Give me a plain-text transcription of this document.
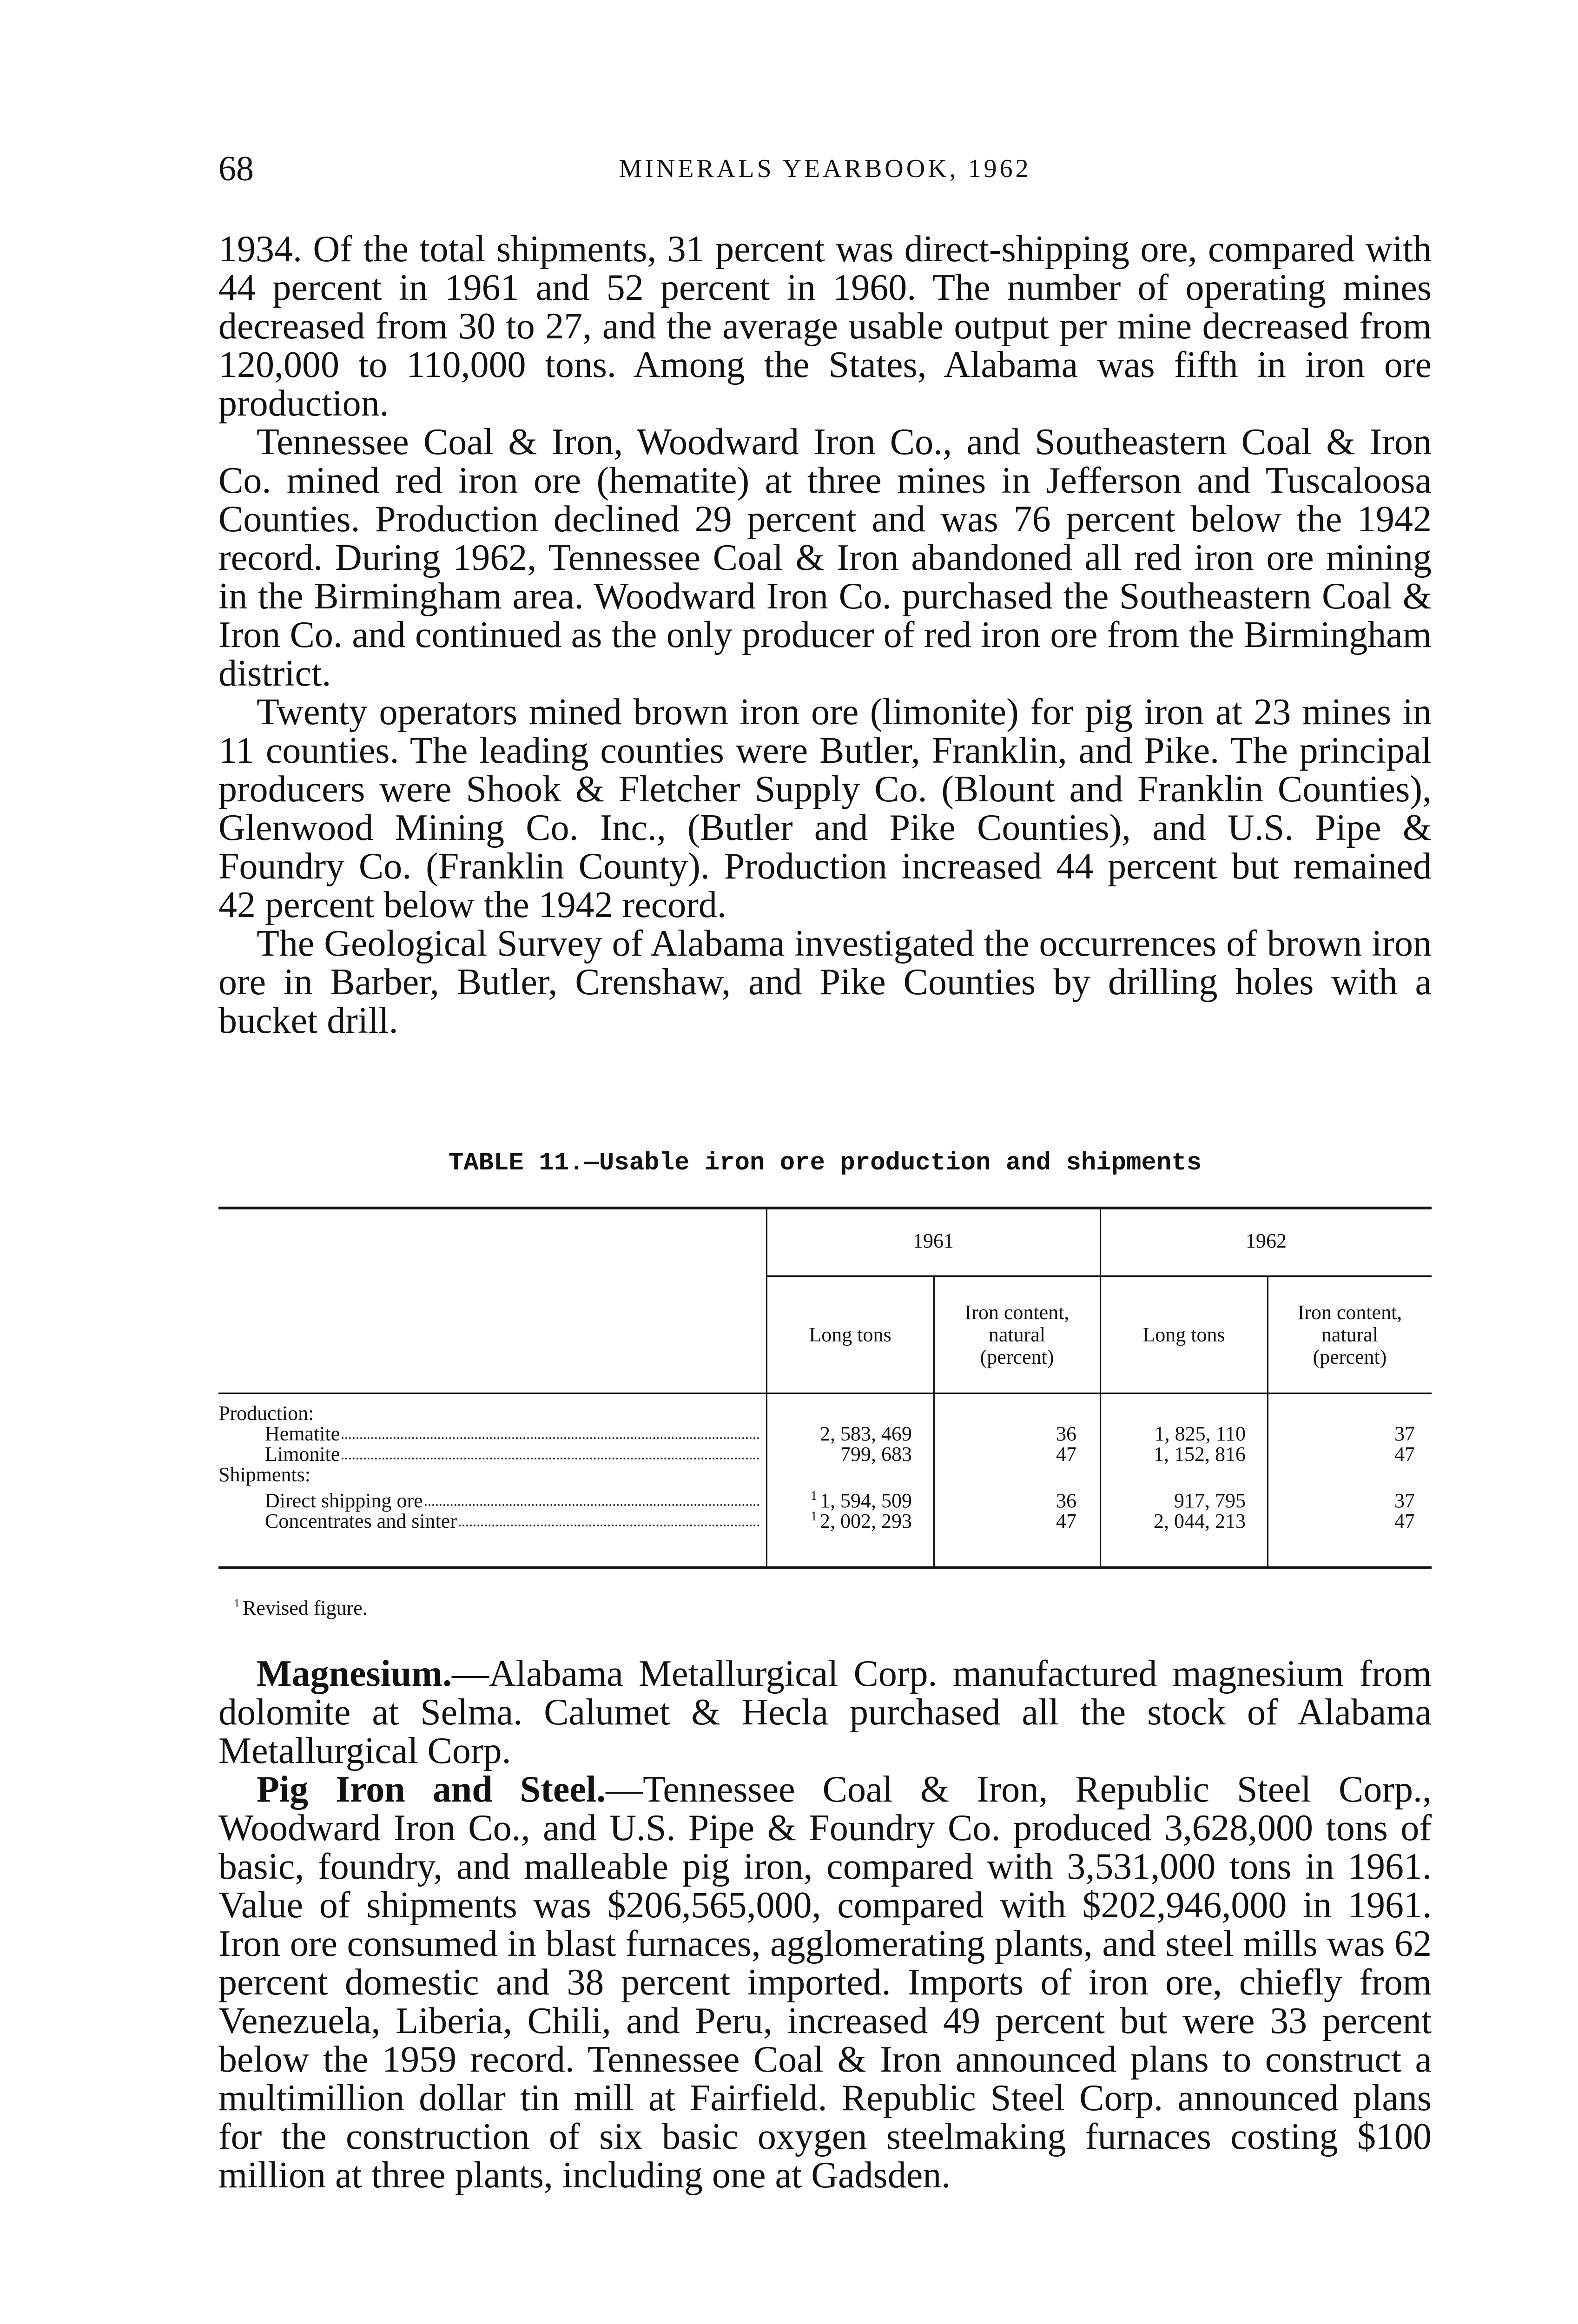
68	MINERALS YEARBOOK, 1962

1934. Of the total shipments, 31 percent was direct-shipping ore, compared with 44 percent in 1961 and 52 percent in 1960. The number of operating mines decreased from 30 to 27, and the average usable output per mine decreased from 120,000 to 110,000 tons. Among the States, Alabama was fifth in iron ore production.

Tennessee Coal & Iron, Woodward Iron Co., and Southeastern Coal & Iron Co. mined red iron ore (hematite) at three mines in Jefferson and Tuscaloosa Counties. Production declined 29 percent and was 76 percent below the 1942 record. During 1962, Tennessee Coal & Iron abandoned all red iron ore mining in the Birmingham area. Woodward Iron Co. purchased the Southeastern Coal & Iron Co. and continued as the only producer of red iron ore from the Birmingham district.

Twenty operators mined brown iron ore (limonite) for pig iron at 23 mines in 11 counties. The leading counties were Butler, Franklin, and Pike. The principal producers were Shook & Fletcher Supply Co. (Blount and Franklin Counties), Glenwood Mining Co. Inc., (Butler and Pike Counties), and U.S. Pipe & Foundry Co. (Franklin County). Production increased 44 percent but remained 42 percent below the 1942 record.

The Geological Survey of Alabama investigated the occurrences of brown iron ore in Barber, Butler, Crenshaw, and Pike Counties by drilling holes with a bucket drill.

TABLE 11.—Usable iron ore production and shipments
1961	1962
Long tons
Iron content,
natural
(percent)
Long tons
Iron content,
natural
(percent)
Production:
Hematite	2, 583, 469	36	1, 825, 110	37
Limonite	799, 683	47	1, 152, 816	47
Shipments:
Direct shipping ore	$^1$ 1, 594, 509	36	917, 795	37
Concentrates and sinter	$^1$ 2, 002, 293	47	2, 044, 213	47
$^1$ Revised figure.

Magnesium.—Alabama Metallurgical Corp. manufactured magnesium from dolomite at Selma. Calumet & Hecla purchased all the stock of Alabama Metallurgical Corp.

Pig Iron and Steel.—Tennessee Coal & Iron, Republic Steel Corp., Woodward Iron Co., and U.S. Pipe & Foundry Co. produced 3,628,000 tons of basic, foundry, and malleable pig iron, compared with 3,531,000 tons in 1961. Value of shipments was $206,565,000, compared with $202,946,000 in 1961. Iron ore consumed in blast furnaces, agglomerating plants, and steel mills was 62 percent domestic and 38 percent imported. Imports of iron ore, chiefly from Venezuela, Liberia, Chili, and Peru, increased 49 percent but were 33 percent below the 1959 record. Tennessee Coal & Iron announced plans to construct a multimillion dollar tin mill at Fairfield. Republic Steel Corp. announced plans for the construction of six basic oxygen steelmaking furnaces costing $100 million at three plants, including one at Gadsden.
